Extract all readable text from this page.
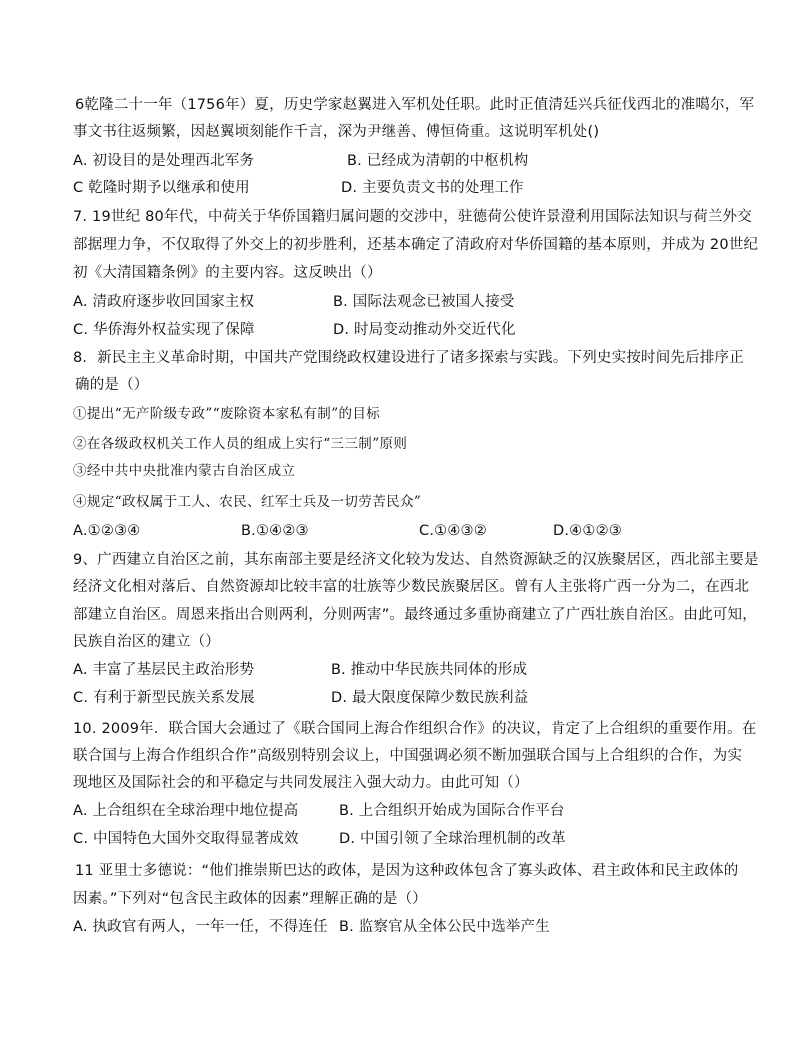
6乾隆二十一年（1756年）夏，历史学家赵翼进入军机处任职。此时正值清廷兴兵征伐西北的准噶尔，军
事文书往返频繁，因赵翼顷刻能作千言，深为尹继善、傅恒倚重。这说明军机处()
A. 初设目的是处理西北军务	B. 已经成为清朝的中枢机构
C 乾隆时期予以继承和使用	D. 主要负责文书的处理工作
7. 19世纪 80年代，中荷关于华侨国籍归属问题的交涉中，驻德荷公使许景澄利用国际法知识与荷兰外交
部据理力争，不仅取得了外交上的初步胜利，还基本确定了清政府对华侨国籍的基本原则，并成为 20世纪
初《大清国籍条例》的主要内容。这反映出（）
A. 清政府逐步收回国家主权	B. 国际法观念已被国人接受
C. 华侨海外权益实现了保障	D. 时局变动推动外交近代化
8．新民主主义革命时期，中国共产党围绕政权建设进行了诸多探索与实践。下列史实按时间先后排序正
确的是（）
①提出“无产阶级专政”“废除资本家私有制”的目标
②在各级政权机关工作人员的组成上实行“三三制”原则
③经中共中央批准内蒙古自治区成立
④规定“政权属于工人、农民、红军士兵及一切劳苦民众”
A.①②③④	B.①④②③	C.①④③②	D.④①②③
9、广西建立自治区之前，其东南部主要是经济文化较为发达、自然资源缺乏的汉族聚居区，西北部主要是
经济文化相对落后、自然资源却比较丰富的壮族等少数民族聚居区。曾有人主张将广西一分为二，在西北
部建立自治区。周恩来指出合则两利，分则两害”。最终通过多重协商建立了广西壮族自治区。由此可知，
民族自治区的建立（）
A. 丰富了基层民主政治形势	B. 推动中华民族共同体的形成
C. 有利于新型民族关系发展	D. 最大限度保障少数民族利益
10. 2009年．联合国大会通过了《联合国同上海合作组织合作》的决议，肯定了上合组织的重要作用。在
联合国与上海合作组织合作”高级别特别会议上，中国强调必须不断加强联合国与上合组织的合作，为实
现地区及国际社会的和平稳定与共同发展注入强大动力。由此可知（）
A. 上合组织在全球治理中地位提高	B. 上合组织开始成为国际合作平台
C. 中国特色大国外交取得显著成效	D. 中国引领了全球治理机制的改革
11 亚里士多德说：“他们推崇斯巴达的政体，是因为这种政体包含了寡头政体、君主政体和民主政体的
因素。”下列对“包含民主政体的因素”理解正确的是（）
A. 执政官有两人，一年一任，不得连任 B. 监察官从全体公民中选举产生
